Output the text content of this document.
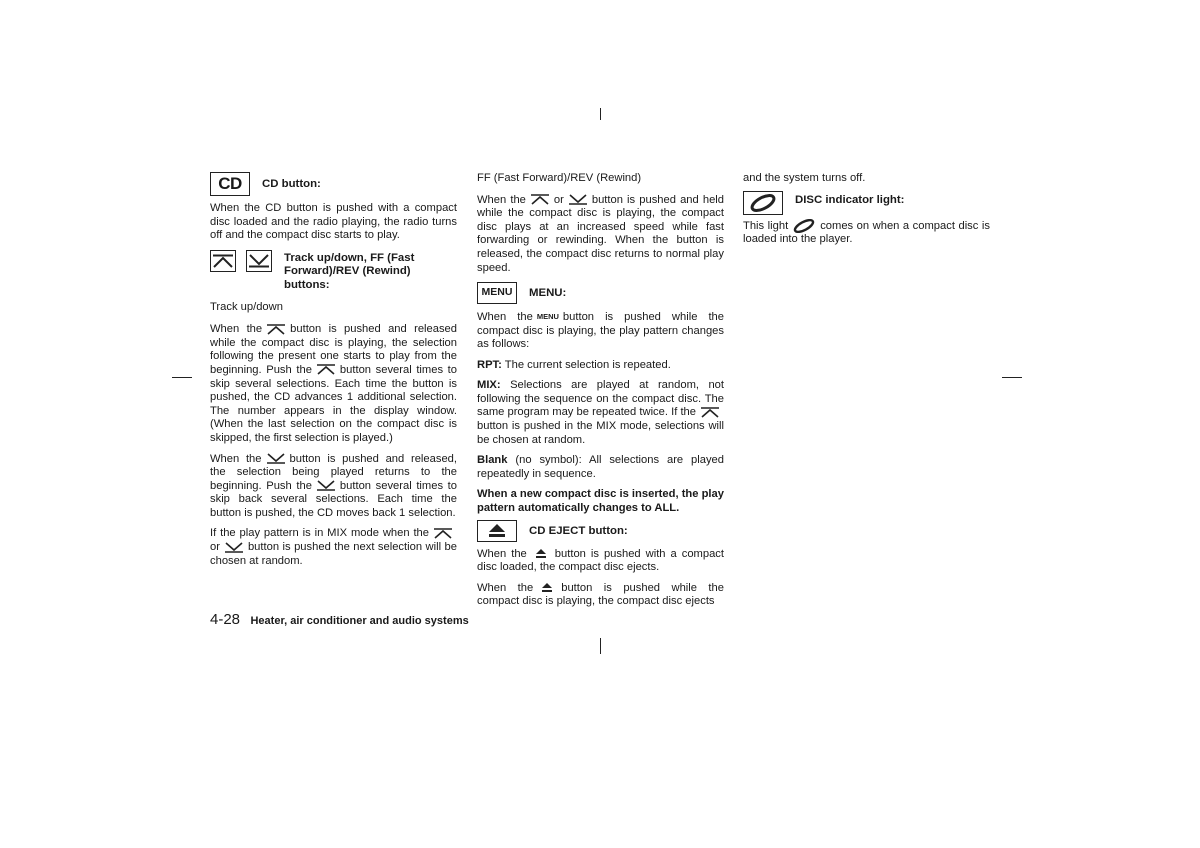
CD	CD button:

When the CD button is pushed with a compact disc loaded and the radio playing, the radio turns off and the compact disc starts to play.

Track up/down, FF (Fast Forward)/REV (Rewind) buttons:

Track up/down

When the	button is pushed and released while the compact disc is playing, the selection following the present one starts to play from the beginning. Push the	button several times to skip several selections. Each time the button is pushed, the CD advances 1 additional selection. The number appears in the display window. (When the last selection on the compact disc is skipped, the first selection is played.)

When the	button is pushed and released, the selection being played returns to the beginning. Push the	button several times to skip back several selections. Each time the button is pushed, the CD moves back 1 selection.

If the play pattern is in MIX mode when theor	button is pushed the next selection will be chosen at random.

FF (Fast Forward)/REV (Rewind)

When the	or	button is pushed and held while the compact disc is playing, the compact disc plays at an increased speed while fast forwarding or rewinding. When the button is released, the compact disc returns to normal play speed.

MENU	MENU:

When the MENU button is pushed while the compact disc is playing, the play pattern changes as follows:

RPT: The current selection is repeated.

MIX: Selections are played at random, not following the sequence on the compact disc. The same program may be repeated twice. If thebutton is pushed in the MIX mode, selections will be chosen at random.

Blank (no symbol): All selections are played repeatedly in sequence.

When a new compact disc is inserted, the play pattern automatically changes to ALL.

CD EJECT button:

When the	button is pushed with a compact disc loaded, the compact disc ejects.

When the	button is pushed while the compact disc is playing, the compact disc ejects

and the system turns off.

DISC indicator light:

This light	comes on when a compact disc is loaded into the player.

4-28 Heater, air conditioner and audio systems
